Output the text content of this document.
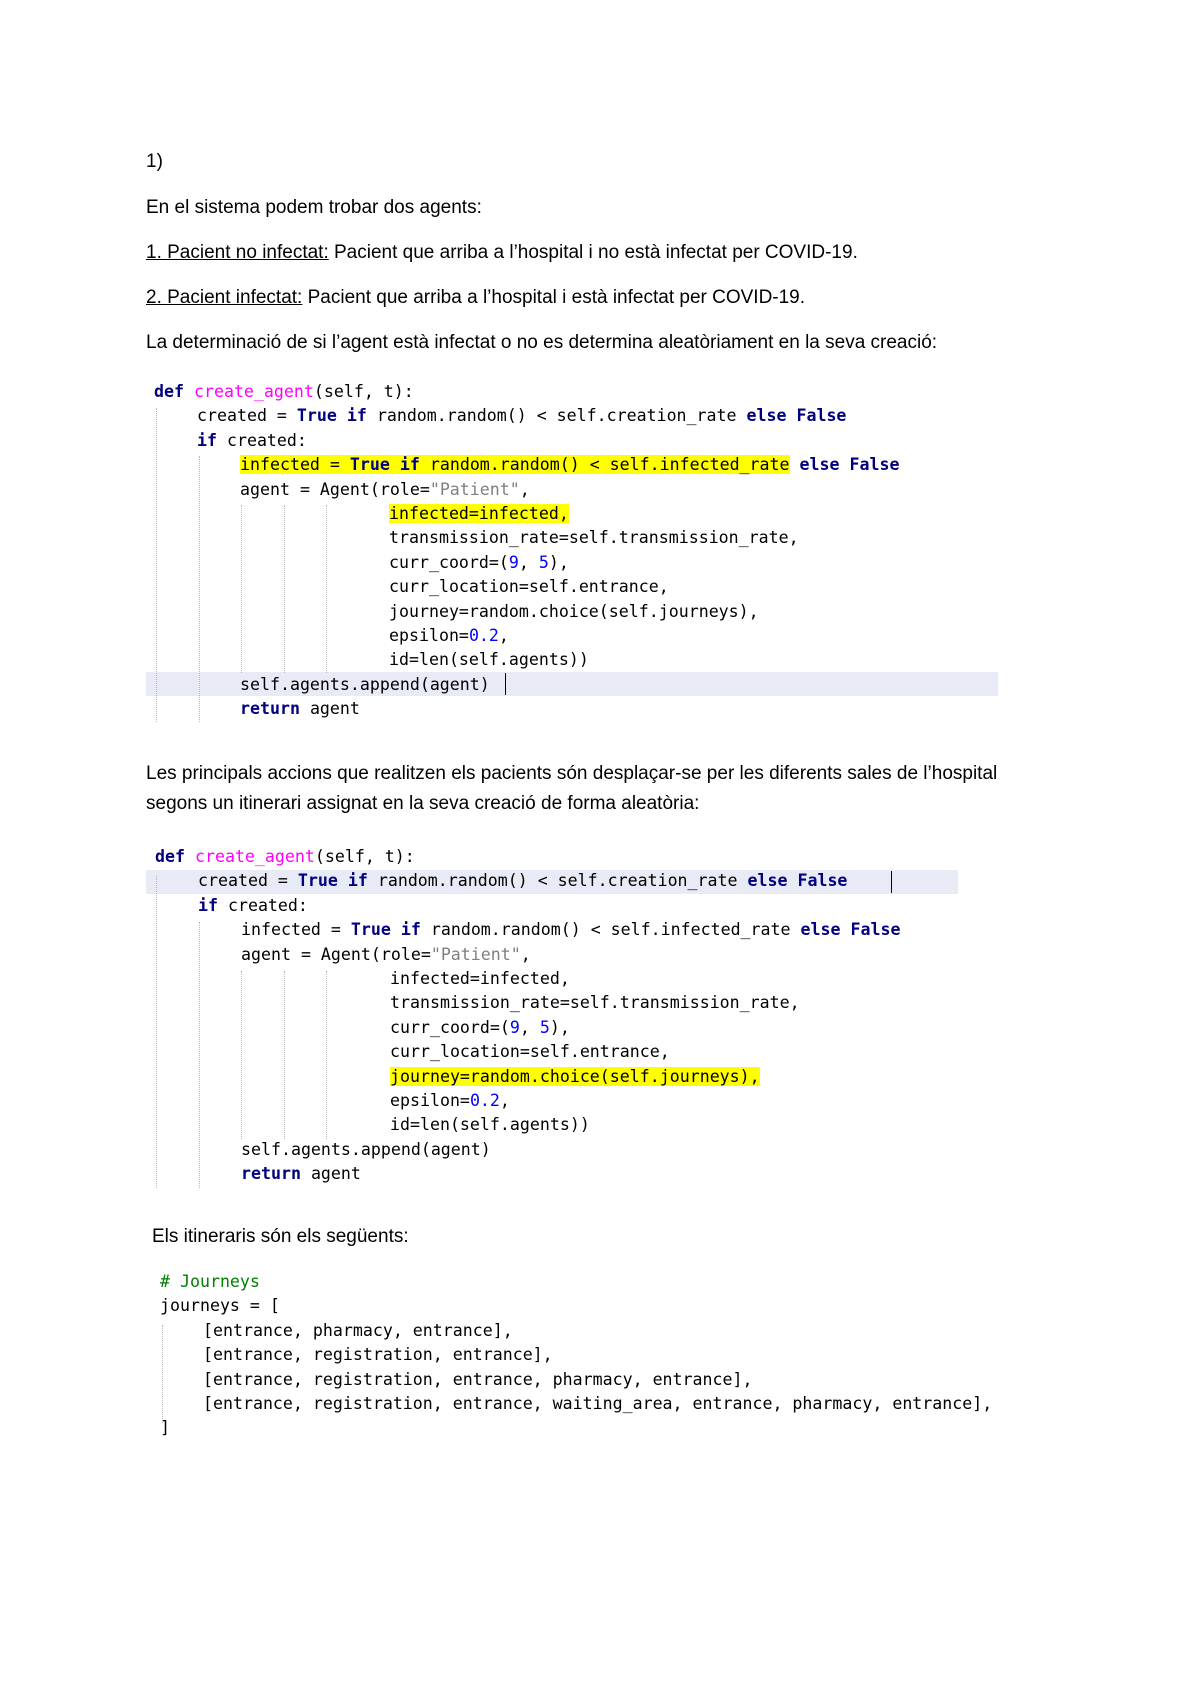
1)
En el sistema podem trobar dos agents:
1. Pacient no infectat: Pacient que arriba a l’hospital i no està infectat per COVID-19.
2. Pacient infectat: Pacient que arriba a l’hospital i està infectat per COVID-19.
La determinació de si l’agent està infectat o no es determina aleatòriament en la seva creació:

def create_agent(self, t):

created = True if random.random() < self.creation_rate else False

if created:

infected = True if random.random() < self.infected_rate else False

agent = Agent(role="Patient",

infected=infected,

transmission_rate=self.transmission_rate,

curr_coord=(9, 5),

curr_location=self.entrance,

journey=random.choice(self.journeys),

epsilon=0.2,

id=len(self.agents))

self.agents.append(agent)

return agent

Les principals accions que realitzen els pacients són desplaçar-se per les diferents sales de l’hospital
segons un itinerari assignat en la seva creació de forma aleatòria:

def create_agent(self, t):

created = True if random.random() < self.creation_rate else False

if created:

infected = True if random.random() < self.infected_rate else False

agent = Agent(role="Patient",

infected=infected,

transmission_rate=self.transmission_rate,

curr_coord=(9, 5),

curr_location=self.entrance,

journey=random.choice(self.journeys),

epsilon=0.2,

id=len(self.agents))

self.agents.append(agent)

return agent

Els itineraris són els següents:

# Journeys

journeys = [

[entrance, pharmacy, entrance],

[entrance, registration, entrance],

[entrance, registration, entrance, pharmacy, entrance],

[entrance, registration, entrance, waiting_area, entrance, pharmacy, entrance],

]
